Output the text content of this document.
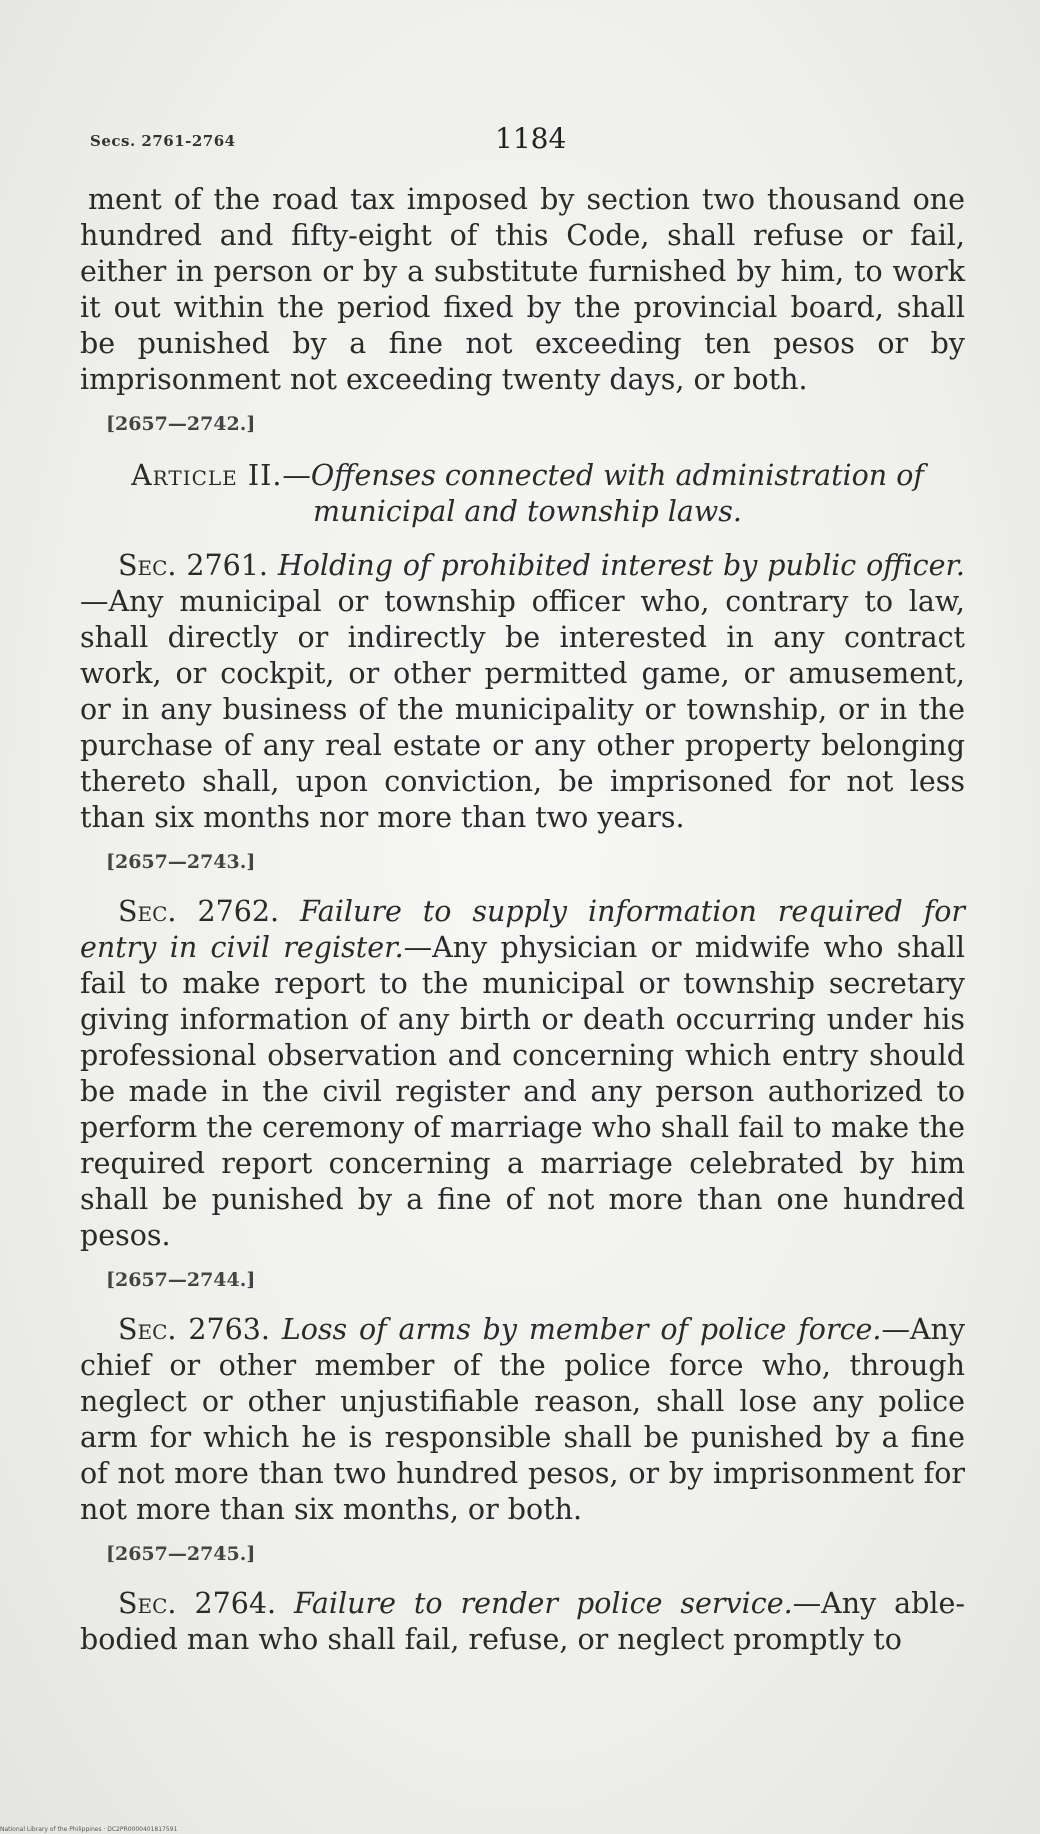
Secs. 2761-2764	1184

ment of the road tax imposed by section two thousand one hundred and fifty-eight of this Code, shall refuse or fail, either in person or by a substitute furnished by him, to work it out within the period fixed by the provincial board, shall be punished by a fine not exceeding ten pesos or by imprisonment not exceeding twenty days, or both.

[2657—2742.]

Article II.—Offenses connected with administration of municipal and township laws.

Sec. 2761. Holding of prohibited interest by public officer.—Any municipal or township officer who, contrary to law, shall directly or indirectly be interested in any contract work, or cockpit, or other permitted game, or amusement, or in any business of the municipality or township, or in the purchase of any real estate or any other property belonging thereto shall, upon conviction, be imprisoned for not less than six months nor more than two years.

[2657—2743.]

Sec. 2762. Failure to supply information required for entry in civil register.—Any physician or midwife who shall fail to make report to the municipal or township secretary giving information of any birth or death occurring under his professional observation and concerning which entry should be made in the civil register and any person authorized to perform the ceremony of marriage who shall fail to make the required report concerning a marriage celebrated by him shall be punished by a fine of not more than one hundred pesos.

[2657—2744.]

Sec. 2763. Loss of arms by member of police force.—Any chief or other member of the police force who, through neglect or other unjustifiable reason, shall lose any police arm for which he is responsible shall be punished by a fine of not more than two hundred pesos, or by imprisonment for not more than six months, or both.

[2657—2745.]

Sec. 2764. Failure to render police service.—Any able-bodied man who shall fail, refuse, or neglect promptly to

National Library of the Philippines · DC2PR0000401817591
